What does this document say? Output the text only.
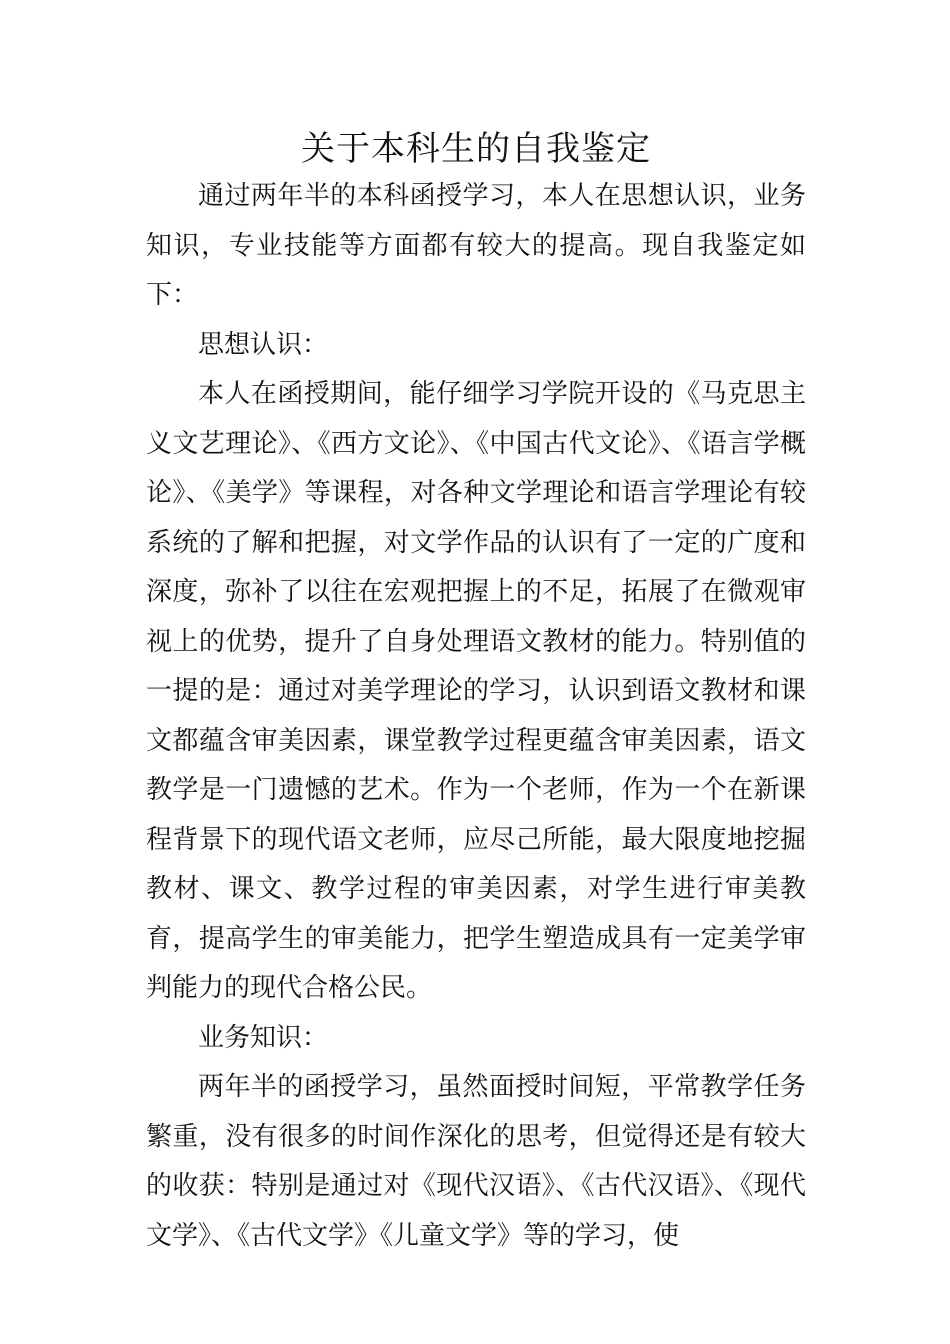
关于本科生的自我鉴定

通过两年半的本科函授学习，本人在思想认识，业务知识，专业技能等方面都有较大的提高。现自我鉴定如下：

思想认识：

本人在函授期间，能仔细学习学院开设的《马克思主义文艺理论》、《西方文论》、《中国古代文论》、《语言学概论》、《美学》等课程，对各种文学理论和语言学理论有较系统的了解和把握，对文学作品的认识有了一定的广度和深度，弥补了以往在宏观把握上的不足，拓展了在微观审视上的优势，提升了自身处理语文教材的能力。特别值的一提的是：通过对美学理论的学习，认识到语文教材和课文都蕴含审美因素，课堂教学过程更蕴含审美因素，语文教学是一门遗憾的艺术。作为一个老师，作为一个在新课程背景下的现代语文老师，应尽己所能，最大限度地挖掘教材、课文、教学过程的审美因素，对学生进行审美教育，提高学生的审美能力，把学生塑造成具有一定美学审判能力的现代合格公民。

业务知识：

两年半的函授学习，虽然面授时间短，平常教学任务繁重，没有很多的时间作深化的思考，但觉得还是有较大的收获：特别是通过对《现代汉语》、《古代汉语》、《现代文学》、《古代文学》《儿童文学》等的学习，使
